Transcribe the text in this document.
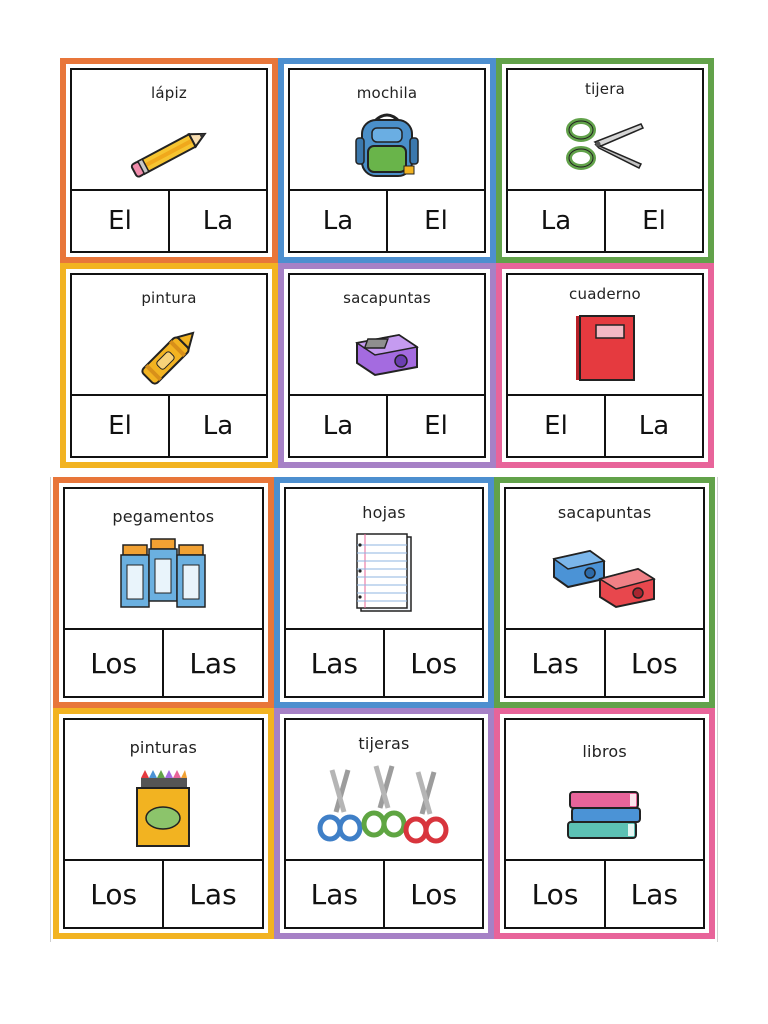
lápiz
El	La
mochila
La	El
tijera
La	El
pintura
El	La
sacapuntas
La	El
cuaderno
El	La
pegamentos
Los	Las
hojas
Las	Los
sacapuntas
Las	Los
pinturas
Los	Las
tijeras
Las	Los
libros
Los	Las
